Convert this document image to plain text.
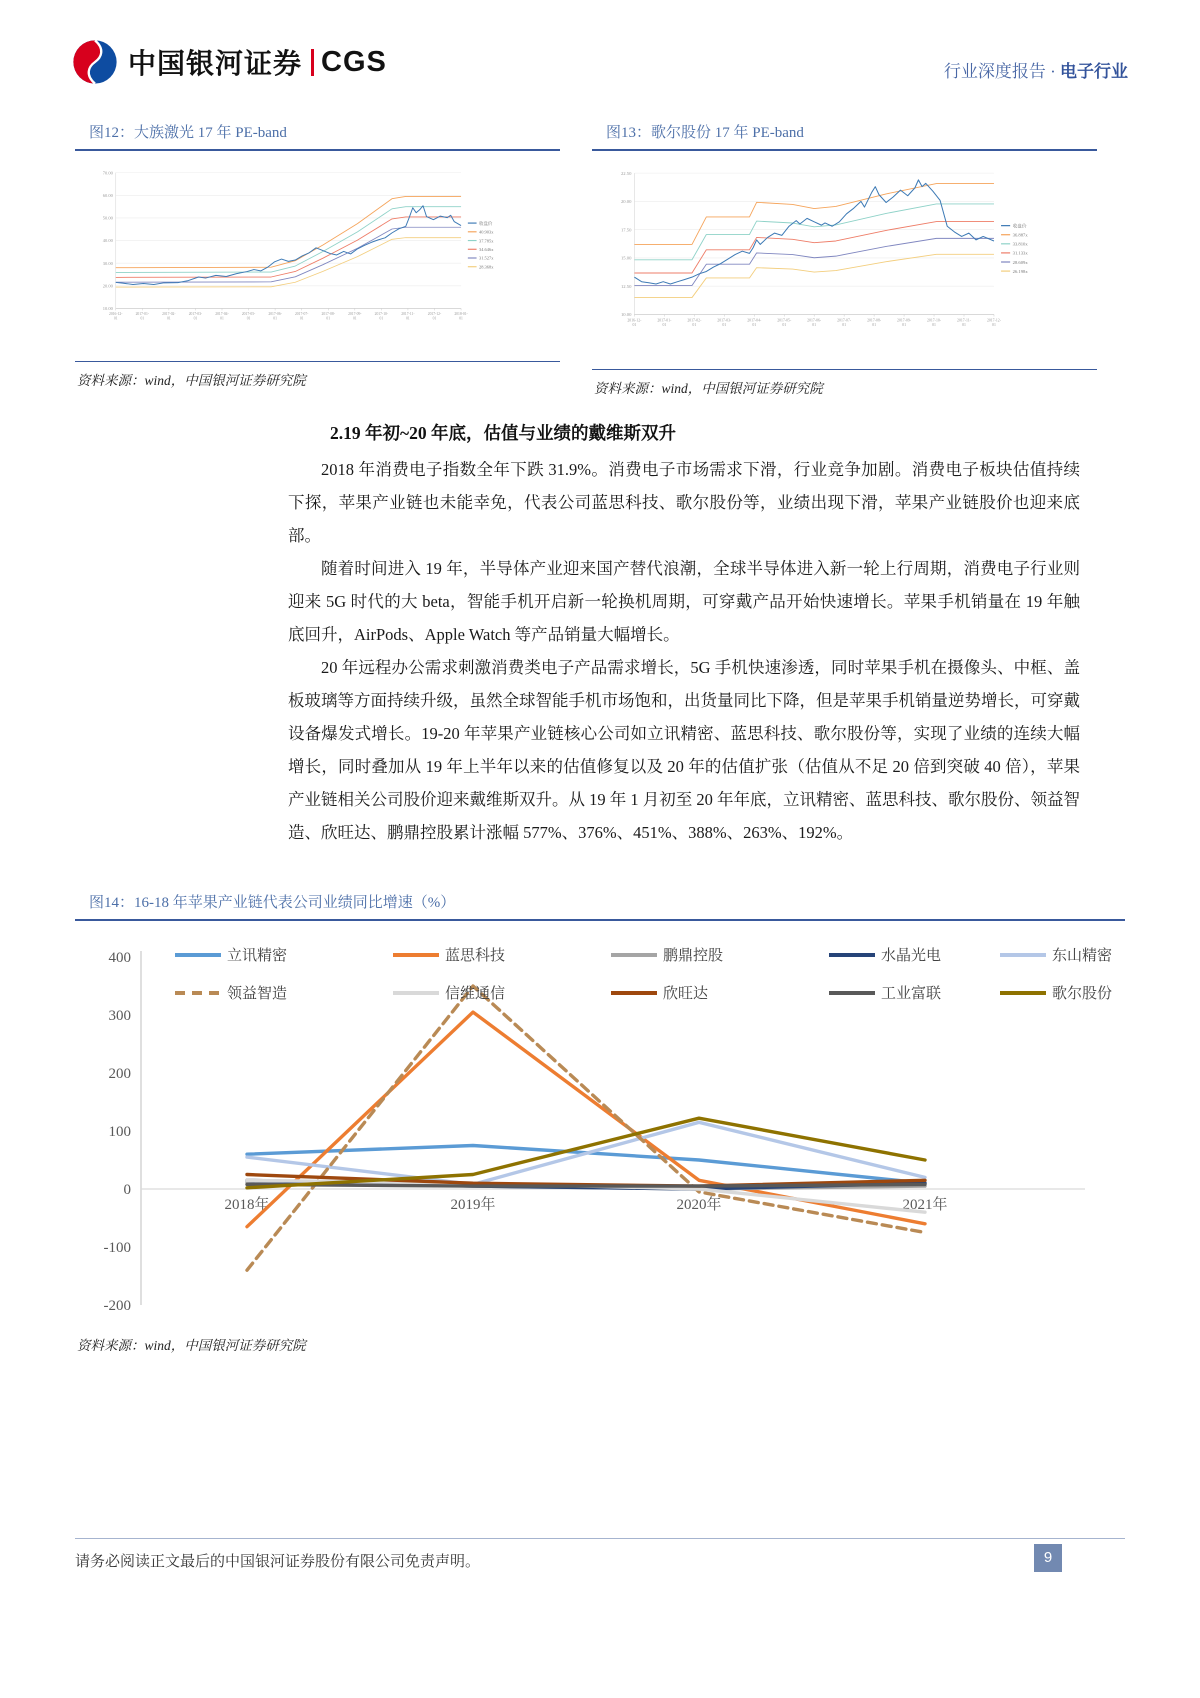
中国银河证券 CGS	行业深度报告 · 电子行业
图12：大族激光 17 年 PE-band
70.00
60.00
50.00
40.00
30.00
20.00
10.00
2016-12-01
2017-01-01
2017-02-01
2017-03-01
2017-04-01
2017-05-01
2017-06-01
2017-07-01
2017-08-01
2017-09-01
2017-10-01
2017-11-01
2017-12-01
2018-01-01
收盘价
40.903x
37.785x
34.646x
31.527x
28.368x
资料来源：wind，中国银河证券研究院
图13：歌尔股份 17 年 PE-band
22.50
20.00
17.50
15.00
12.50
10.00
2016-12-01
2017-01-01
2017-02-01
2017-03-01
2017-04-01
2017-05-01
2017-06-01
2017-07-01
2017-08-01
2017-09-01
2017-10-01
2017-11-01
2017-12-01
收盘价
36.887x
33.810x
31.133x
28.609x
26.198x
资料来源：wind，中国银河证券研究院
2.19 年初~20 年底，估值与业绩的戴维斯双升

2018 年消费电子指数全年下跌 31.9%。消费电子市场需求下滑，行业竞争加剧。消费电子板块估值持续下探，苹果产业链也未能幸免，代表公司蓝思科技、歌尔股份等，业绩出现下滑，苹果产业链股价也迎来底部。

随着时间进入 19 年，半导体产业迎来国产替代浪潮，全球半导体进入新一轮上行周期，消费电子行业则迎来 5G 时代的大 beta，智能手机开启新一轮换机周期，可穿戴产品开始快速增长。苹果手机销量在 19 年触底回升，AirPods、Apple Watch 等产品销量大幅增长。

20 年远程办公需求刺激消费类电子产品需求增长，5G 手机快速渗透，同时苹果手机在摄像头、中框、盖板玻璃等方面持续升级，虽然全球智能手机市场饱和，出货量同比下降，但是苹果手机销量逆势增长，可穿戴设备爆发式增长。19-20 年苹果产业链核心公司如立讯精密、蓝思科技、歌尔股份等，实现了业绩的连续大幅增长，同时叠加从 19 年上半年以来的估值修复以及 20 年的估值扩张（估值从不足 20 倍到突破 40 倍），苹果产业链相关公司股价迎来戴维斯双升。从 19 年 1 月初至 20 年年底，立讯精密、蓝思科技、歌尔股份、领益智造、欣旺达、鹏鼎控股累计涨幅 577%、376%、451%、388%、263%、192%。

图14：16-18 年苹果产业链代表公司业绩同比增速（%）
400
300
200
100
0
-100
-200
2018年	2019年	2020年	2021年
立讯精密	蓝思科技	鹏鼎控股	水晶光电	东山精密
领益智造	信维通信	欣旺达	工业富联	歌尔股份
资料来源：wind，中国银河证券研究院
请务必阅读正文最后的中国银河证券股份有限公司免责声明。	9
